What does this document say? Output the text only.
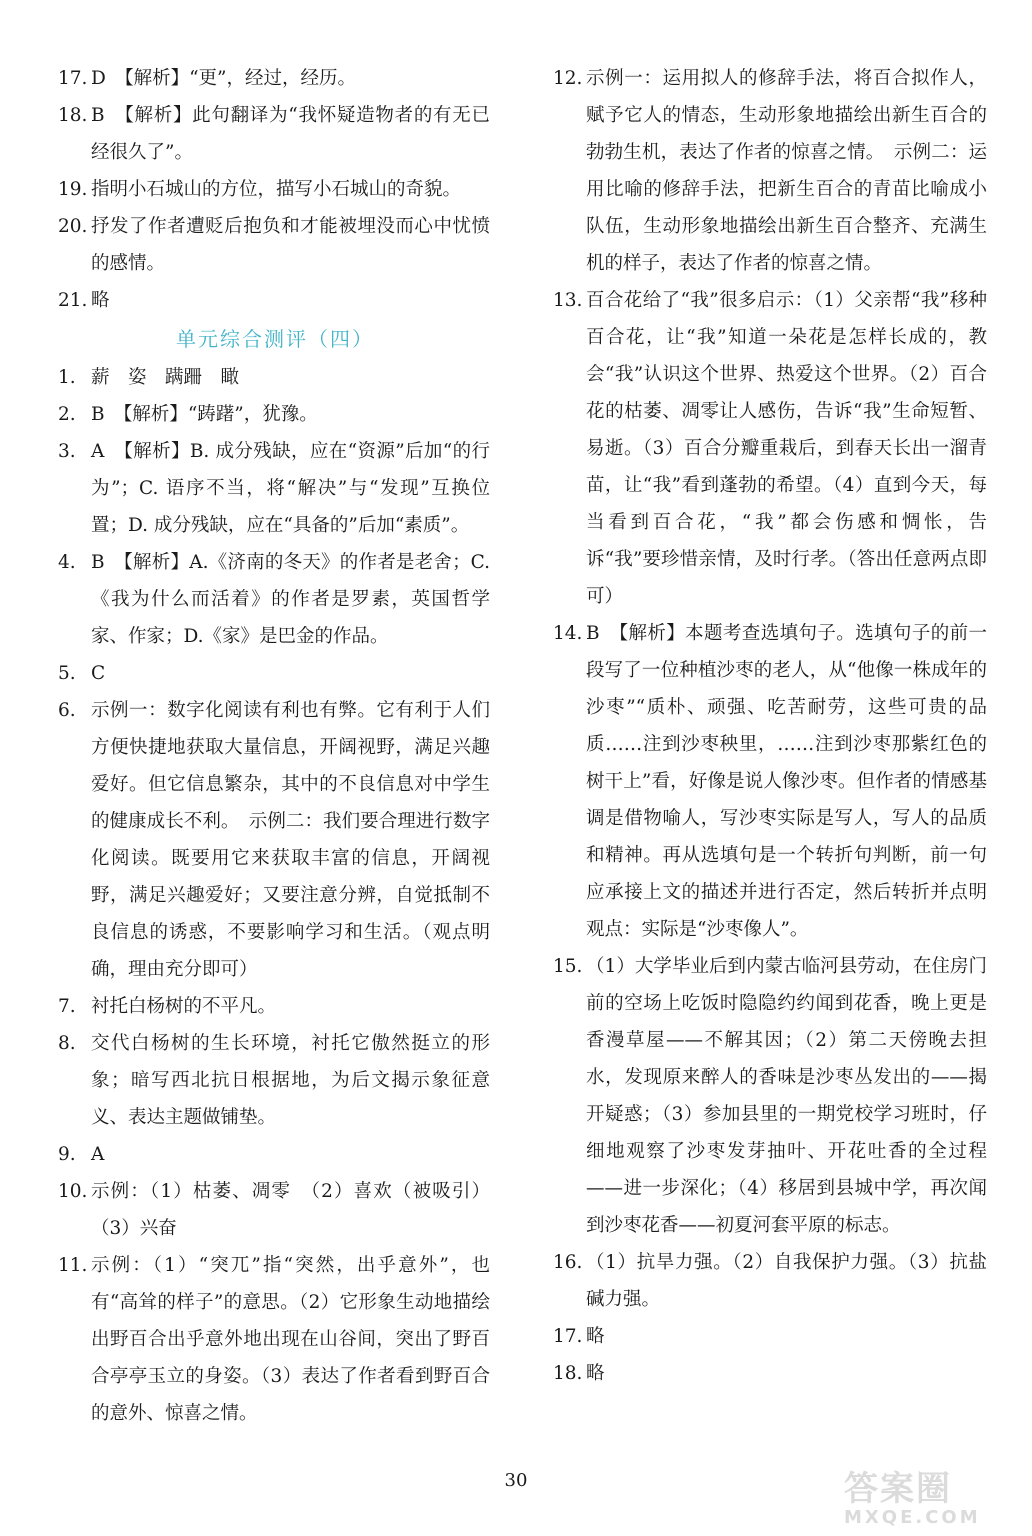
17. D　【解析】“更”，经过，经历。
18. B　【解析】此句翻译为“我怀疑造物者的有无已经很久了”。
19. 指明小石城山的方位，描写小石城山的奇貌。
20. 抒发了作者遭贬后抱负和才能被埋没而心中忧愤的感情。
21. 略
单元综合测评（四）
1. 薪　姿　蹒跚　瞰
2. B　【解析】“踌躇”，犹豫。
3. A　【解析】B. 成分残缺，应在“资源”后加“的行为”；C. 语序不当，将“解决”与“发现”互换位置；D. 成分残缺，应在“具备的”后加“素质”。
4. B　【解析】A.《济南的冬天》的作者是老舍；C.《我为什么而活着》的作者是罗素，英国哲学家、作家；D.《家》是巴金的作品。
5. C
6. 示例一：数字化阅读有利也有弊。它有利于人们方便快捷地获取大量信息，开阔视野，满足兴趣爱好。但它信息繁杂，其中的不良信息对中学生的健康成长不利。　示例二：我们要合理进行数字化阅读。既要用它来获取丰富的信息，开阔视野，满足兴趣爱好；又要注意分辨，自觉抵制不良信息的诱惑，不要影响学习和生活。（观点明确，理由充分即可）
7. 衬托白杨树的不平凡。
8. 交代白杨树的生长环境，衬托它傲然挺立的形象；暗写西北抗日根据地，为后文揭示象征意义、表达主题做铺垫。
9. A
10. 示例：（1）枯萎、凋零　（2）喜欢（被吸引）（3）兴奋
11. 示例：（1）“突兀”指“突然，出乎意外”，也有“高耸的样子”的意思。（2）它形象生动地描绘出野百合出乎意外地出现在山谷间，突出了野百合亭亭玉立的身姿。（3）表达了作者看到野百合的意外、惊喜之情。
12. 示例一：运用拟人的修辞手法，将百合拟作人，赋予它人的情态，生动形象地描绘出新生百合的勃勃生机，表达了作者的惊喜之情。　示例二：运用比喻的修辞手法，把新生百合的青苗比喻成小队伍，生动形象地描绘出新生百合整齐、充满生机的样子，表达了作者的惊喜之情。
13. 百合花给了“我”很多启示：（1）父亲帮“我”移种百合花，让“我”知道一朵花是怎样长成的，教会“我”认识这个世界、热爱这个世界。（2）百合花的枯萎、凋零让人感伤，告诉“我”生命短暂、易逝。（3）百合分瓣重栽后，到春天长出一溜青苗，让“我”看到蓬勃的希望。（4）直到今天，每当看到百合花，“我”都会伤感和惆怅，告诉“我”要珍惜亲情，及时行孝。（答出任意两点即可）
14. B　【解析】本题考查选填句子。选填句子的前一段写了一位种植沙枣的老人，从“他像一株成年的沙枣”“质朴、顽强、吃苦耐劳，这些可贵的品质……注到沙枣秧里，……注到沙枣那紫红色的树干上”看，好像是说人像沙枣。但作者的情感基调是借物喻人，写沙枣实际是写人，写人的品质和精神。再从选填句是一个转折句判断，前一句应承接上文的描述并进行否定，然后转折并点明观点：实际是“沙枣像人”。
15. （1）大学毕业后到内蒙古临河县劳动，在住房门前的空场上吃饭时隐隐约约闻到花香，晚上更是香漫草屋——不解其因；（2）第二天傍晚去担水，发现原来醉人的香味是沙枣丛发出的——揭开疑惑；（3）参加县里的一期党校学习班时，仔细地观察了沙枣发芽抽叶、开花吐香的全过程——进一步深化；（4）移居到县城中学，再次闻到沙枣花香——初夏河套平原的标志。
16. （1）抗旱力强。（2）自我保护力强。（3）抗盐碱力强。
17. 略
18. 略
30	答案圈
MXQE.COM
